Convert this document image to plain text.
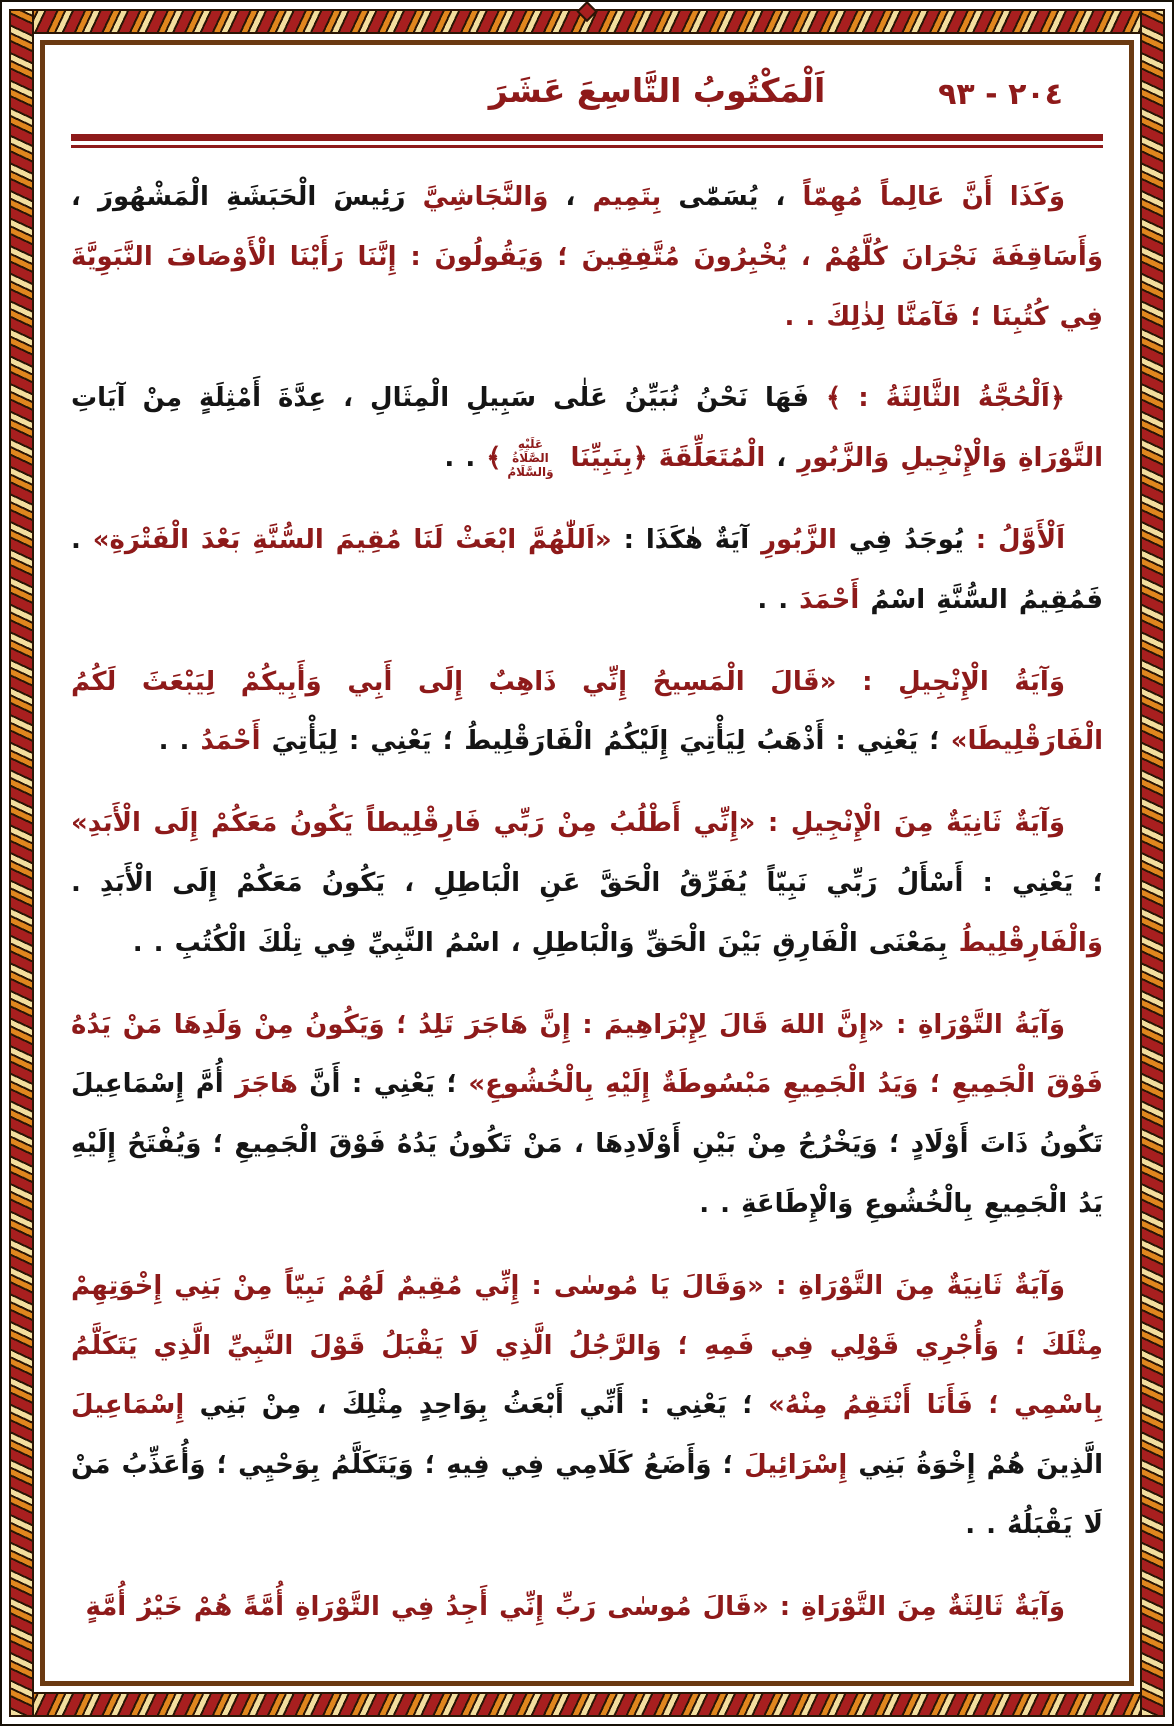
٢٠٤ - ٩٣
اَلْمَكْتُوبُ التَّاسِعَ عَشَرَ

وَكَذَا أَنَّ عَالِماً مُهِمّاً ، يُسَمّٰى بِتَمِيم ، وَالنَّجَاشِيَّ رَئِيسَ الْحَبَشَةِ الْمَشْهُورَ ، وَأَسَاقِفَةَ نَجْرَانَ كُلَّهُمْ ، يُخْبِرُونَ مُتَّفِقِينَ ؛ وَيَقُولُونَ : إِنَّنَا رَأَيْنَا الْأَوْصَافَ النَّبَوِيَّةَ فِي كُتُبِنَا ؛ فَآمَنَّا لِذٰلِكَ . .

﴿اَلْحُجَّةُ الثَّالِثَةُ : ﴾ فَهَا نَحْنُ نُبَيِّنُ عَلٰى سَبِيلِ الْمِثَالِ ، عِدَّةَ أَمْثِلَةٍ مِنْ آيَاتِ التَّوْرَاةِ وَالْإِنْجِيلِ وَالزَّبُورِ ، الْمُتَعَلِّقَةَ ﴿بِنَبِيِّنَا عَلَيْهِ الصَّلَاةُ وَالسَّلَامُ﴾ . .

اَلْأَوَّلُ : يُوجَدُ فِي الزَّبُورِ آيَةٌ هٰكَذَا : «اَللّٰهُمَّ ابْعَثْ لَنَا مُقِيمَ السُّنَّةِ بَعْدَ الْفَتْرَةِ» . فَمُقِيمُ السُّنَّةِ اسْمُ أَحْمَدَ . .

وَآيَةُ الْإِنْجِيلِ : «قَالَ الْمَسِيحُ إِنِّي ذَاهِبٌ إِلَى أَبِي وَأَبِيكُمْ لِيَبْعَثَ لَكُمُ الْفَارَقْلِيطَا» ؛ يَعْنِي : أَذْهَبُ لِيَأْتِيَ إِلَيْكُمُ الْفَارَقْلِيطُ ؛ يَعْنِي : لِيَأْتِيَ أَحْمَدُ . .

وَآيَةٌ ثَانِيَةٌ مِنَ الْإِنْجِيلِ : «إِنِّي أَطْلُبُ مِنْ رَبِّي فَارِقْلِيطاً يَكُونُ مَعَكُمْ إِلَى الْأَبَدِ» ؛ يَعْنِي : أَسْأَلُ رَبِّي نَبِيّاً يُفَرِّقُ الْحَقَّ عَنِ الْبَاطِلِ ، يَكُونُ مَعَكُمْ إِلَى الْأَبَدِ . وَالْفَارِقْلِيطُ بِمَعْنَى الْفَارِقِ بَيْنَ الْحَقِّ وَالْبَاطِلِ ، اسْمُ النَّبِيِّ فِي تِلْكَ الْكُتُبِ . .

وَآيَةُ التَّوْرَاةِ : «إِنَّ اللهَ قَالَ لِإِبْرَاهِيمَ : إِنَّ هَاجَرَ تَلِدُ ؛ وَيَكُونُ مِنْ وَلَدِهَا مَنْ يَدُهُ فَوْقَ الْجَمِيعِ ؛ وَيَدُ الْجَمِيعِ مَبْسُوطَةٌ إِلَيْهِ بِالْخُشُوعِ» ؛ يَعْنِي : أَنَّ هَاجَرَ أُمَّ إِسْمَاعِيلَ تَكُونُ ذَاتَ أَوْلَادٍ ؛ وَيَخْرُجُ مِنْ بَيْنِ أَوْلَادِهَا ، مَنْ تَكُونُ يَدُهُ فَوْقَ الْجَمِيعِ ؛ وَيُفْتَحُ إِلَيْهِ يَدُ الْجَمِيعِ بِالْخُشُوعِ وَالْإِطَاعَةِ . .

وَآيَةٌ ثَانِيَةٌ مِنَ التَّوْرَاةِ : «وَقَالَ يَا مُوسٰى : إِنِّي مُقِيمٌ لَهُمْ نَبِيّاً مِنْ بَنِي إِخْوَتِهِمْ مِثْلَكَ ؛ وَأُجْرِي قَوْلِي فِي فَمِهِ ؛ وَالرَّجُلُ الَّذِي لَا يَقْبَلُ قَوْلَ النَّبِيِّ الَّذِي يَتَكَلَّمُ بِاسْمِي ؛ فَأَنَا أَنْتَقِمُ مِنْهُ» ؛ يَعْنِي : أَنِّي أَبْعَثُ بِوَاحِدٍ مِثْلِكَ ، مِنْ بَنِي إِسْمَاعِيلَ الَّذِينَ هُمْ إِخْوَةُ بَنِي إِسْرَائِيلَ ؛ وَأَضَعُ كَلَامِي فِي فِيهِ ؛ وَيَتَكَلَّمُ بِوَحْيِي ؛ وَأُعَذِّبُ مَنْ لَا يَقْبَلُهُ . .

وَآيَةٌ ثَالِثَةٌ مِنَ التَّوْرَاةِ : «قَالَ مُوسٰى رَبِّ إِنِّي أَجِدُ فِي التَّوْرَاةِ أُمَّةً هُمْ خَيْرُ أُمَّةٍ
